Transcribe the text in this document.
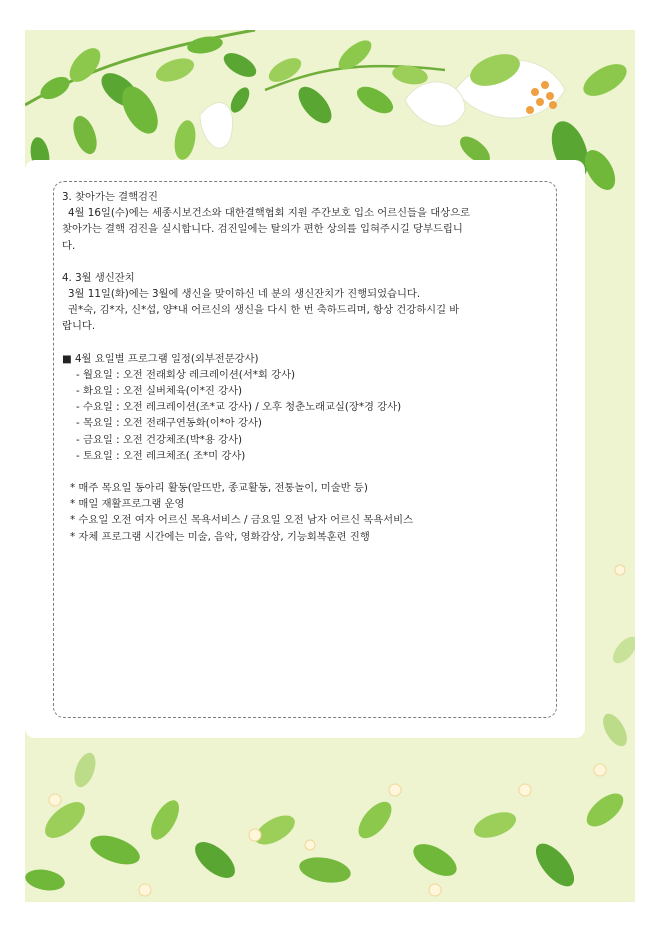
3. 찾아가는 결핵검진

4월 16일(수)에는 세종시보건소와 대한결핵협회 지원 주간보호 입소 어르신들을 대상으로

찾아가는 결핵 검진을 실시합니다. 검진일에는 탈의가 편한 상의를 입혀주시길 당부드립니

다.

4. 3월 생신잔치

3월 11일(화)에는 3월에 생신을 맞이하신 네 분의 생신잔치가 진행되었습니다.

권*숙, 김*자, 신*섭, 양*내 어르신의 생신을 다시 한 번 축하드리며, 항상 건강하시길 바

랍니다.

■ 4월 요일별 프로그램 일정(외부전문강사)

- 월요일 : 오전 전래회상 레크레이션(서*회 강사)

- 화요일 : 오전 실버체육(이*진 강사)

- 수요일 : 오전 레크레이션(조*교 강사) / 오후 청춘노래교실(장*경 강사)

- 목요일 : 오전 전래구연동화(이*아 강사)

- 금요일 : 오전 건강체조(박*용 강사)

- 토요일 : 오전 레크체조( 조*미 강사)

* 매주 목요일 동아리 활동(알뜨반, 종교활동, 전통놀이, 미술반 등)

* 매일 재활프로그램 운영

* 수요일 오전 여자 어르신 목욕서비스 / 금요일 오전 남자 어르신 목욕서비스

* 자체 프로그램 시간에는 미술, 음악, 영화감상, 기능회복훈련 진행
